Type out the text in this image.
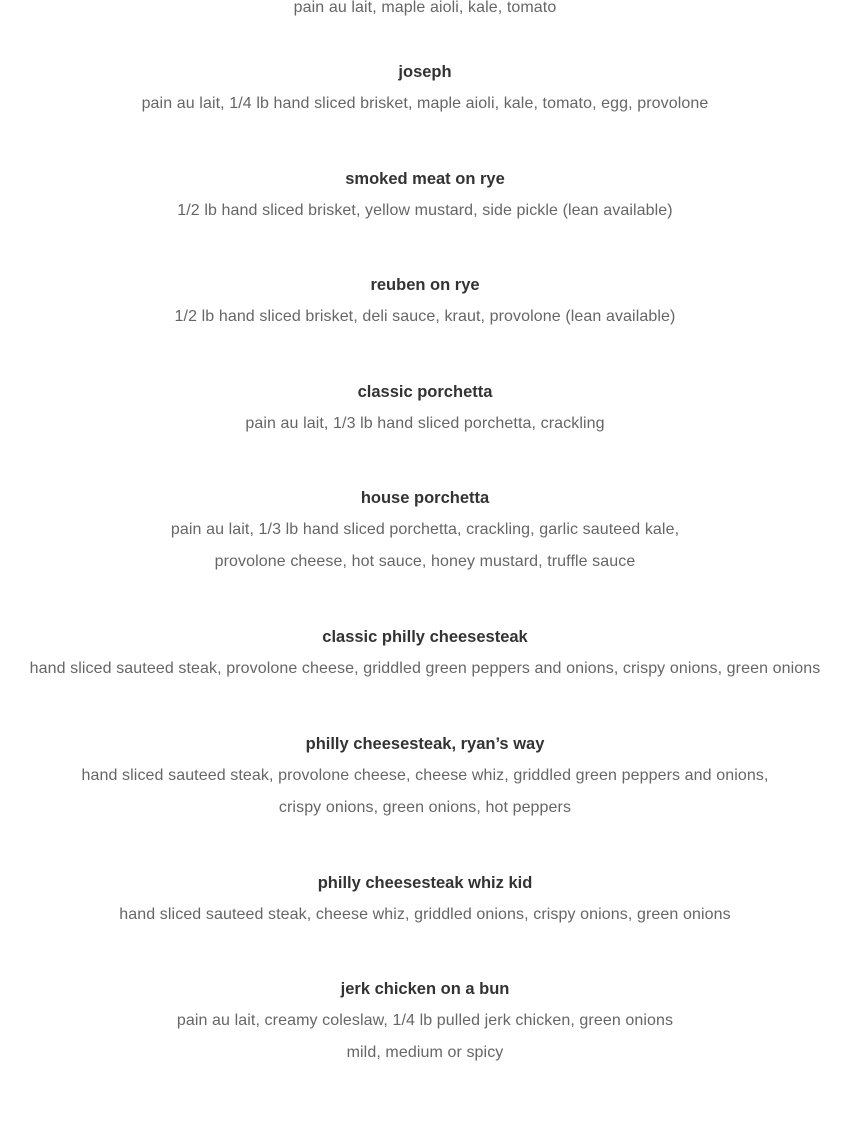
pain au lait, maple aioli, kale, tomato
joseph
pain au lait, 1/4 lb hand sliced brisket, maple aioli, kale, tomato, egg, provolone
smoked meat on rye
1/2 lb hand sliced brisket, yellow mustard, side pickle (lean available)
reuben on rye
1/2 lb hand sliced brisket, deli sauce, kraut, provolone (lean available)
classic porchetta
pain au lait, 1/3 lb hand sliced porchetta, crackling
house porchetta
pain au lait, 1/3 lb hand sliced porchetta, crackling, garlic sauteed kale,
provolone cheese, hot sauce, honey mustard, truffle sauce
classic philly cheesesteak
hand sliced sauteed steak, provolone cheese, griddled green peppers and onions, crispy onions, green onions
philly cheesesteak, ryan’s way
hand sliced sauteed steak, provolone cheese, cheese whiz, griddled green peppers and onions,
crispy onions, green onions, hot peppers
philly cheesesteak whiz kid
hand sliced sauteed steak, cheese whiz, griddled onions, crispy onions, green onions
jerk chicken on a bun
pain au lait, creamy coleslaw, 1/4 lb pulled jerk chicken, green onions
mild, medium or spicy
